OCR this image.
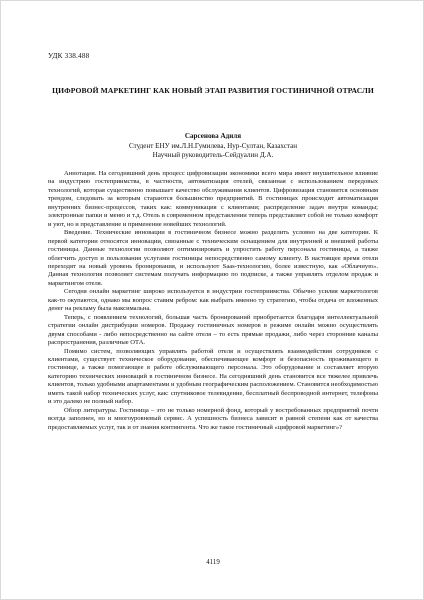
УДК 338.488
ЦИФРОВОЙ МАРКЕТИНГ КАК НОВЫЙ ЭТАП РАЗВИТИЯ ГОСТИНИЧНОЙ ОТРАСЛИ
Сарсенова Адиля
Студент ЕНУ им.Л.Н.Гумилева, Нур-Султан, Казахстан
Научный руководитель-Сейдуалин Д.А.

Аннотация. На сегодняшний день процесс цифровизации экономики всего мира имеет внушительное влияние на индустрию гостеприимства, в частности, автоматизация отелей, связанная с использованием передовых технологий, которая существенно повышает качество обслуживания клиентов. Цифровизация становится основным трендом, следовать за которым стараются большинство предприятий. В гостиницах происходит автоматизация внутренних бизнес-процессов, таких как: коммуникация с клиентами; распределение задач внутри команды; электронные папки и меню и т.д. Отель в современном представлении теперь представляет собой не только комфорт и уют, но и представление и применение новейших технологий.

Введение. Технические инновации в гостиничном бизнесе можно разделить условно на две категории. К первой категории относятся инновации, связанные с техническим оснащением для внутренней и внешней работы гостиницы. Данные технологии позволяют оптимизировать и упростить работу персонала гостиницы, а также облегчить доступ и пользования услугами гостиницы непосредственно самому клиенту. В настоящее время отели переходят на новый уровень бронирования, и используют Saas-технологию, более известную, как «Облачную». Данная технология позволяет системам получать информацию по подписке, а также управлять отделом продаж и маркетингом отеля.

Сегодня онлайн маркетинг широко используется в индустрии гостеприимства. Обычно усилия маркетологов как-то окупаются, однако мы вопрос ставим ребром: как выбрать именно ту стратегию, чтобы отдача от вложенных денег на рекламу была максимальна.

Теперь, с появлением технологий, большая часть бронирований приобретается благодаря интеллектуальной стратегии онлайн дистрибуции номеров. Продажу гостиничных номеров в режиме онлайн можно осуществлять двумя способами - либо непосредственно на сайте отеля – то есть прямые продажи, либо через сторонние каналы распространения, различные ОТА.

Помимо систем, позволяющих управлять работой отеля и осуществлять взаимодействия сотрудников с клиентами, существует техническое оборудование, обеспечивающее комфорт и безопасность проживающего в гостинице, а также помогающее в работе обслуживающего персонала. Это оборудование и составляет вторую категорию технических инноваций в гостиничном бизнесе. На сегодняшний день становится все тяжелее привлечь клиентов, только удобными апартаментами и удобным географическим расположением. Становится необходимостью иметь такой набор технических услуг, как: спутниковое телевидение, бесплатный беспроводной интернет, телефоны и это далеко не полный набор.

Обзор литературы. Гостиница – это не только номерной фонд, который у востребованных предприятий почти всегда заполнен, но и многоуровневый сервис. А успешность бизнеса зависит в равной степени как от качества предоставляемых услуг, так и от знания контингента. Что же такое гостиничный «цифровой маркетинг»?

4119
